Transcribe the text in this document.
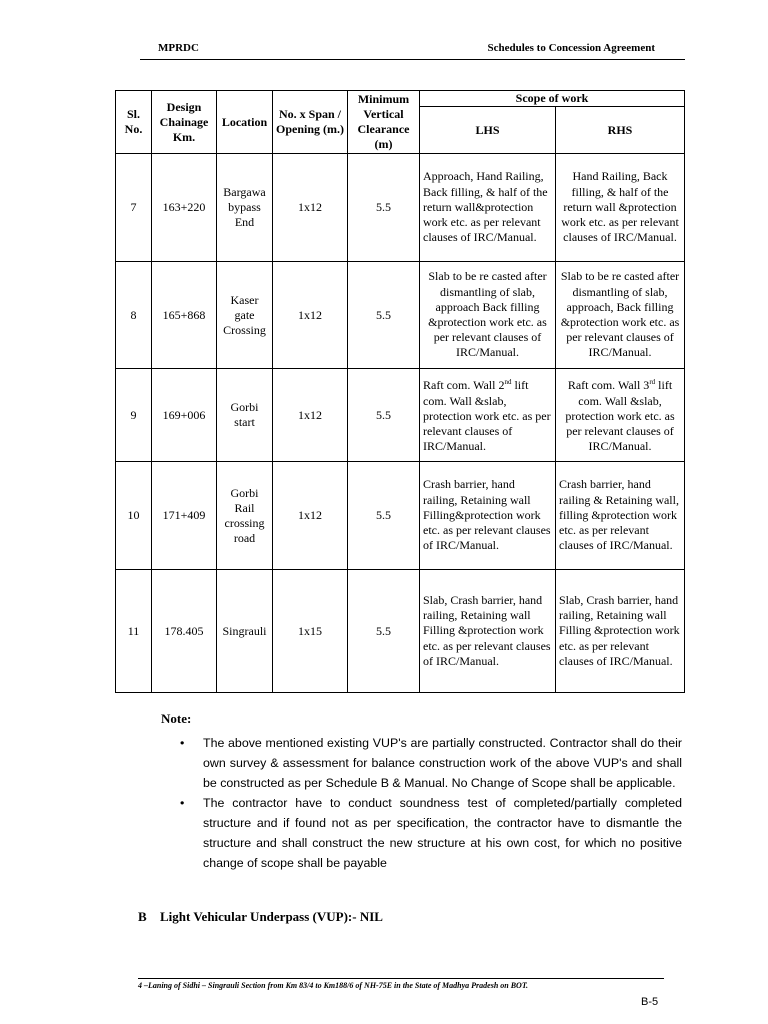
MPRDC	Schedules to Concession Agreement
Sl. No.	Design Chainage Km.	Location	No. x Span / Opening (m.)	Minimum Vertical Clearance (m)	Scope of work	
					LHS	RHS
7	163+220	Bargawa bypass End	1x12	5.5	Approach, Hand Railing, Back filling, & half of the return wall&protection work etc. as per relevant clauses of IRC/Manual.	Hand Railing, Back filling, & half of the return wall &protection work etc. as per relevant clauses of IRC/Manual.
8	165+868	Kaser gate Crossing	1x12	5.5	Slab to be re casted after dismantling of slab, approach Back filling &protection work etc. as per relevant clauses of IRC/Manual.	Slab to be re casted after dismantling of slab, approach, Back filling &protection work etc. as per relevant clauses of IRC/Manual.
9	169+006	Gorbi start	1x12	5.5	Raft com. Wall 2nd lift com. Wall &slab, protection work etc. as per relevant clauses of IRC/Manual.	Raft com. Wall 3rd lift com. Wall &slab, protection work etc. as per relevant clauses of IRC/Manual.
10	171+409	Gorbi Rail crossing road	1x12	5.5	Crash barrier, hand railing, Retaining wall Filling&protection work etc. as per relevant clauses of IRC/Manual.	Crash barrier, hand railing & Retaining wall, filling &protection work etc. as per relevant clauses of IRC/Manual.
11	178.405	Singrauli	1x15	5.5	Slab, Crash barrier, hand railing, Retaining wall Filling &protection work etc. as per relevant clauses of IRC/Manual.	Slab, Crash barrier, hand railing, Retaining wall Filling &protection work etc. as per relevant clauses of IRC/Manual.
Note:
• The above mentioned existing VUP's are partially constructed. Contractor shall do their own survey & assessment for balance construction work of the above VUP's and shall be constructed as per Schedule B & Manual. No Change of Scope shall be applicable.
• The contractor have to conduct soundness test of completed/partially completed structure and if found not as per specification, the contractor have to dismantle the structure and shall construct the new structure at his own cost, for which no positive change of scope shall be payable
B Light Vehicular Underpass (VUP):- NIL
4 –Laning of Sidhi – Singrauli Section from Km 83/4 to Km188/6 of NH-75E in the State of Madhya Pradesh on BOT.
B-5
